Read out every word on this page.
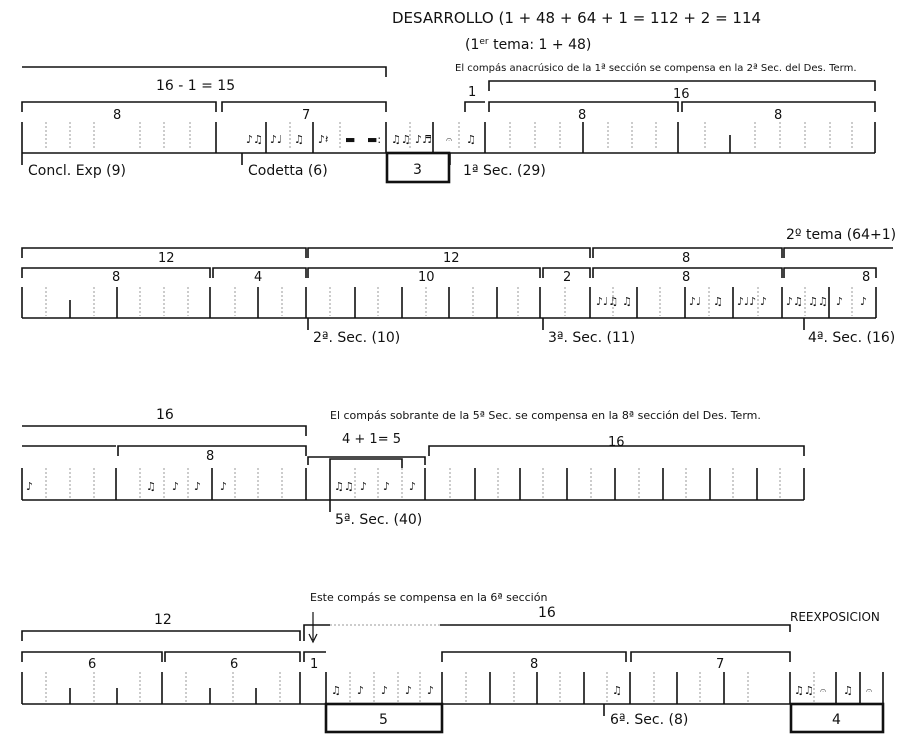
♪♫ ♪♩ ♫ ♪𝄽 ▬ ▬: ♫♫ ♪♬ 𝄐 ♫
♪♩♫ ♫	♪♩ ♫ ♪♩♪ ♪ ♪♫ ♫♫ ♪ ♪
♪	♫ ♪ ♪ ♪	♫♫ ♪ ♪ ♪
♫ ♪ ♪ ♪ ♪	♫	♫♫ 𝄐 ♫ 𝄐
DESARROLLO (1 + 48 + 64 + 1 = 112 + 2 = 114
(1er tema: 1 + 48)
El compás anacrúsico de la 1ª sección se compensa en la 2ª Sec. del Des. Term.
16 - 1 = 15
8	7
1	16
8	8
3
Concl. Exp (9)	Codetta (6)	1ª Sec. (29)
12	12	8
2º tema (64+1)
8	4	10	2	8	8
2ª. Sec. (10)	3ª. Sec. (11)	4ª. Sec. (16)
16
8
El compás sobrante de la 5ª Sec. se compensa en la 8ª sección del Des. Term.
4 + 1= 5	16
5ª. Sec. (40)
Este compás se compensa en la 6ª sección
12	16	REEXPOSICION
6	6	1	8	7
5	4
6ª. Sec. (8)
